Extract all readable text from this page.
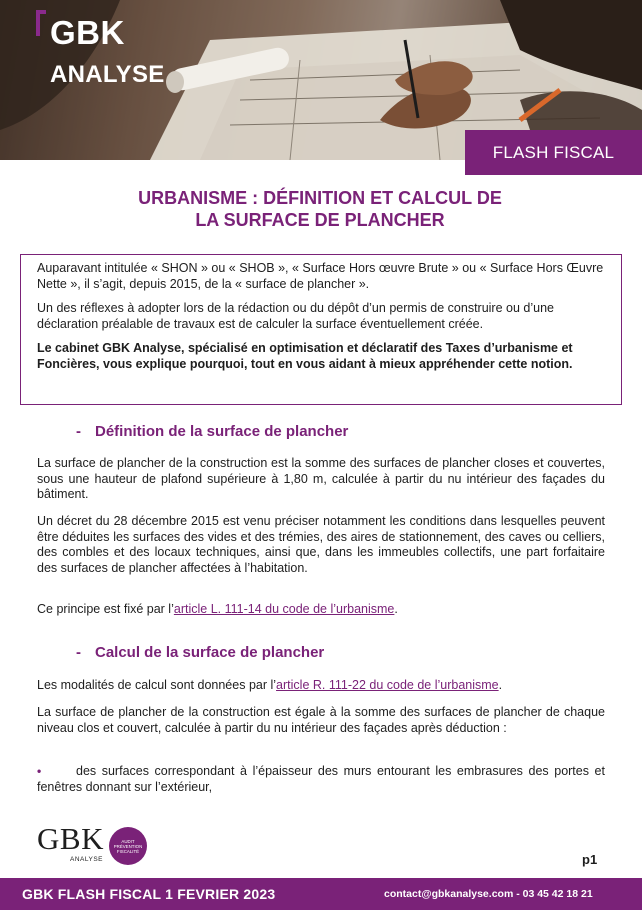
GBK
ANALYSE
FLASH FISCAL
URBANISME : DÉFINITION ET CALCUL DE
LA SURFACE DE PLANCHER

Auparavant intitulée « SHON » ou « SHOB », « Surface Hors œuvre Brute » ou « Surface Hors Œuvre Nette », il s’agit, depuis 2015, de la « surface de plancher ».

Un des réflexes à adopter lors de la rédaction ou du dépôt d’un permis de construire ou d’une déclaration préalable de travaux est de calculer la surface éventuellement créée.

Le cabinet GBK Analyse, spécialisé en optimisation et déclaratif des Taxes d’urbanisme et Foncières, vous explique pourquoi, tout en vous aidant à mieux appréhender cette notion.

- Définition de la surface de plancher

La surface de plancher de la construction est la somme des surfaces de plancher closes et couvertes, sous une hauteur de plafond supérieure à 1,80 m, calculée à partir du nu intérieur des façades du bâtiment.

Un décret du 28 décembre 2015 est venu préciser notamment les conditions dans lesquelles peuvent être déduites les surfaces des vides et des trémies, des aires de stationnement, des caves ou celliers, des combles et des locaux techniques, ainsi que, dans les immeubles collectifs, une part forfaitaire des surfaces de plancher affectées à l’habitation.

Ce principe est fixé par l’article L. 111-14 du code de l’urbanisme.

- Calcul de la surface de plancher

Les modalités de calcul sont données par l’article R. 111-22 du code de l’urbanisme.

La surface de plancher de la construction est égale à la somme des surfaces de plancher de chaque niveau clos et couvert, calculée à partir du nu intérieur des façades après déduction :

•	des surfaces correspondant à l’épaisseur des murs entourant les embrasures des portes et fenêtres donnant sur l’extérieur,

GBK
ANALYSE
AUDIT
PRÉVENTION
FISCALITÉ
p1
GBK FLASH FISCAL 1 FEVRIER 2023	contact@gbkanalyse.com - 03 45 42 18 21
